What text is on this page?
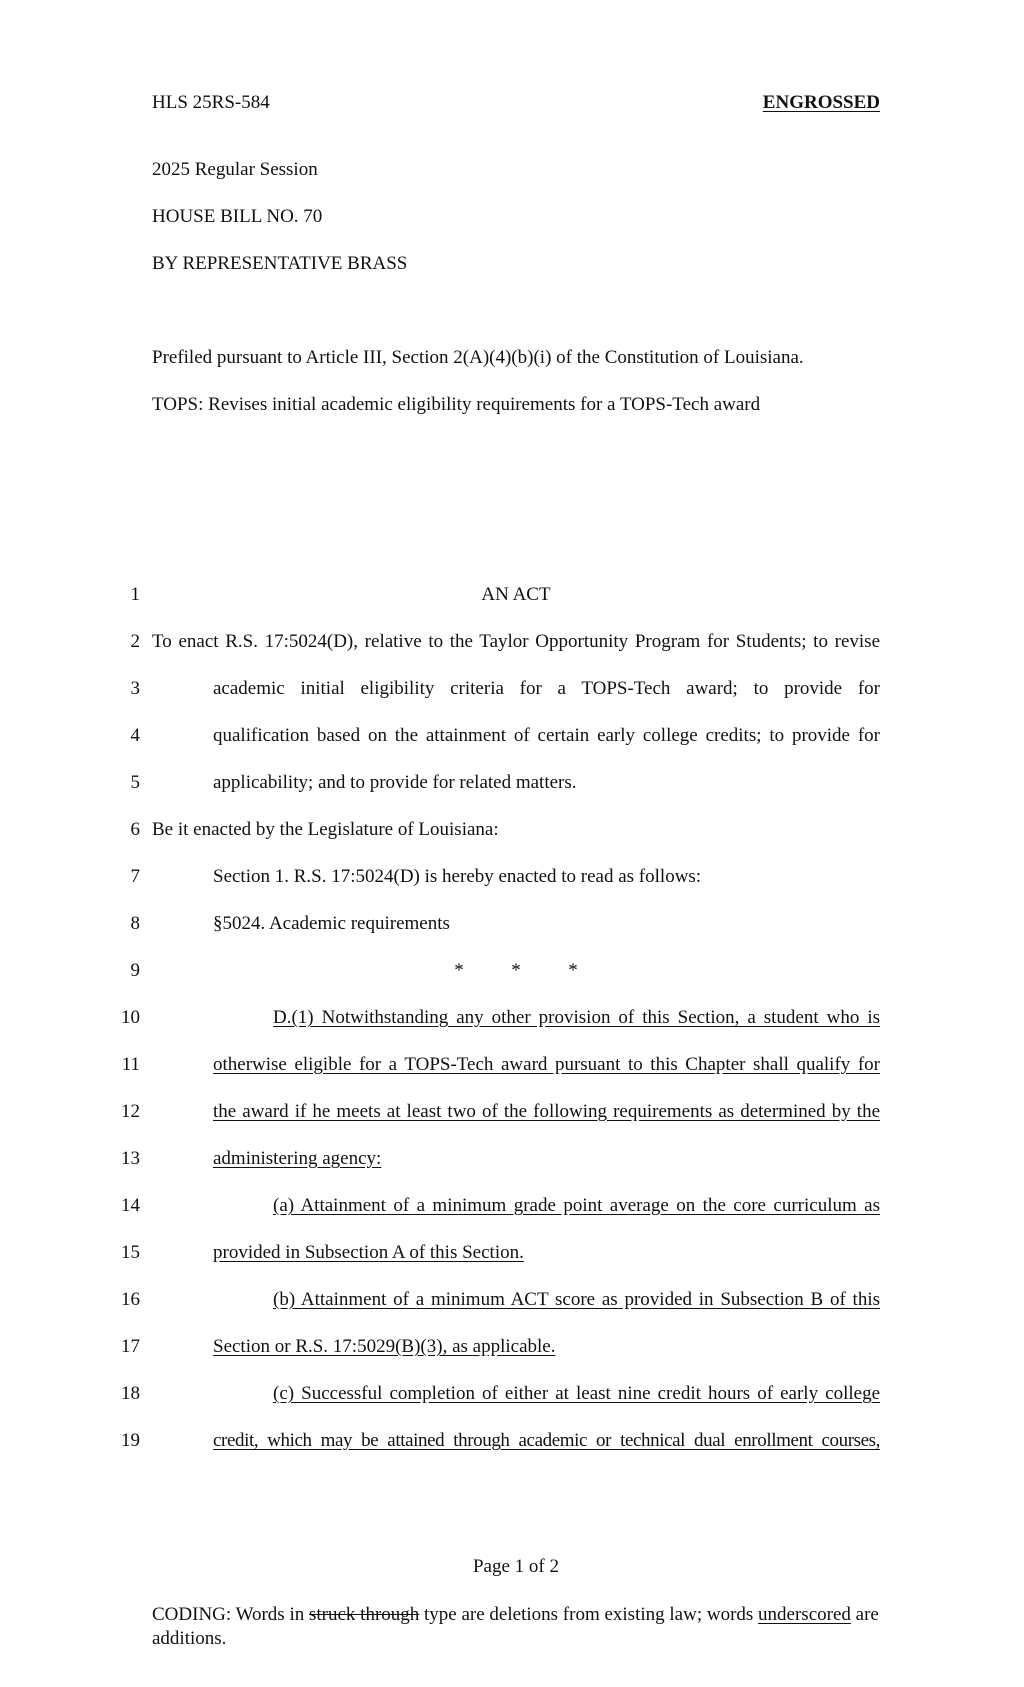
HLS 25RS-584	ENGROSSED
2025 Regular Session
HOUSE BILL NO. 70
BY REPRESENTATIVE BRASS
Prefiled pursuant to Article III, Section 2(A)(4)(b)(i) of the Constitution of Louisiana.
TOPS: Revises initial academic eligibility requirements for a TOPS-Tech award
1	AN ACT
2 To enact R.S. 17:5024(D), relative to the Taylor Opportunity Program for Students; to revise
3	academic initial eligibility criteria for a TOPS-Tech award; to provide for
4	qualification based on the attainment of certain early college credits; to provide for
5	applicability; and to provide for related matters.
6 Be it enacted by the Legislature of Louisiana:
7	Section 1. R.S. 17:5024(D) is hereby enacted to read as follows:
8	§5024. Academic requirements
9	*          *          *
10	D.(1) Notwithstanding any other provision of this Section, a student who is
11	otherwise eligible for a TOPS-Tech award pursuant to this Chapter shall qualify for
12	the award if he meets at least two of the following requirements as determined by the
13	administering agency:
14	(a) Attainment of a minimum grade point average on the core curriculum as
15	provided in Subsection A of this Section.
16	(b) Attainment of a minimum ACT score as provided in Subsection B of this
17	Section or R.S. 17:5029(B)(3), as applicable.
18	(c) Successful completion of either at least nine credit hours of early college
19	credit, which may be attained through academic or technical dual enrollment courses,
Page 1 of 2
CODING: Words in struck through type are deletions from existing law; words underscored are additions.
